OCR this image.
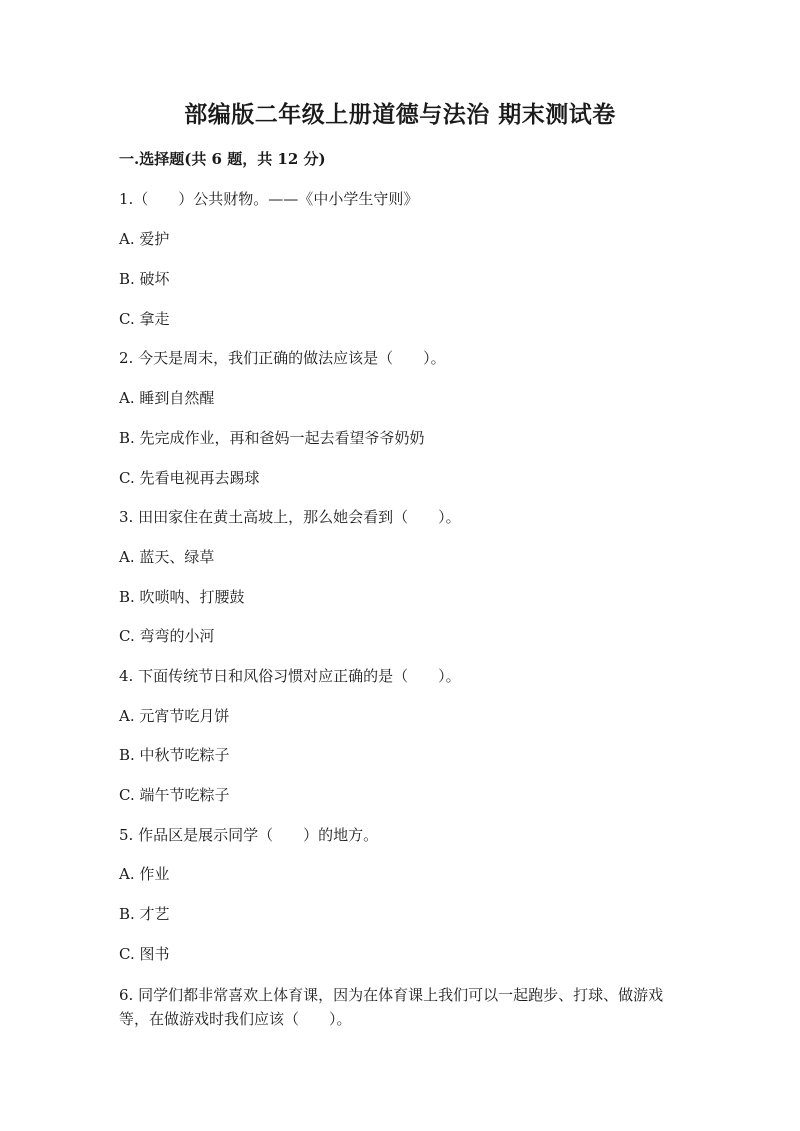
部编版二年级上册道德与法治 期末测试卷
一.选择题(共 6 题，共 12 分)
1.（　　）公共财物。——《中小学生守则》
A. 爱护
B. 破坏
C. 拿走
2. 今天是周末，我们正确的做法应该是（　　）。
A. 睡到自然醒
B. 先完成作业，再和爸妈一起去看望爷爷奶奶
C. 先看电视再去踢球
3. 田田家住在黄土高坡上，那么她会看到（　　）。
A. 蓝天、绿草
B. 吹唢呐、打腰鼓
C. 弯弯的小河
4. 下面传统节日和风俗习惯对应正确的是（　　）。
A. 元宵节吃月饼
B. 中秋节吃粽子
C. 端午节吃粽子
5. 作品区是展示同学（　　）的地方。
A. 作业
B. 才艺
C. 图书
6. 同学们都非常喜欢上体育课，因为在体育课上我们可以一起跑步、打球、做游戏等，在做游戏时我们应该（　　）。
